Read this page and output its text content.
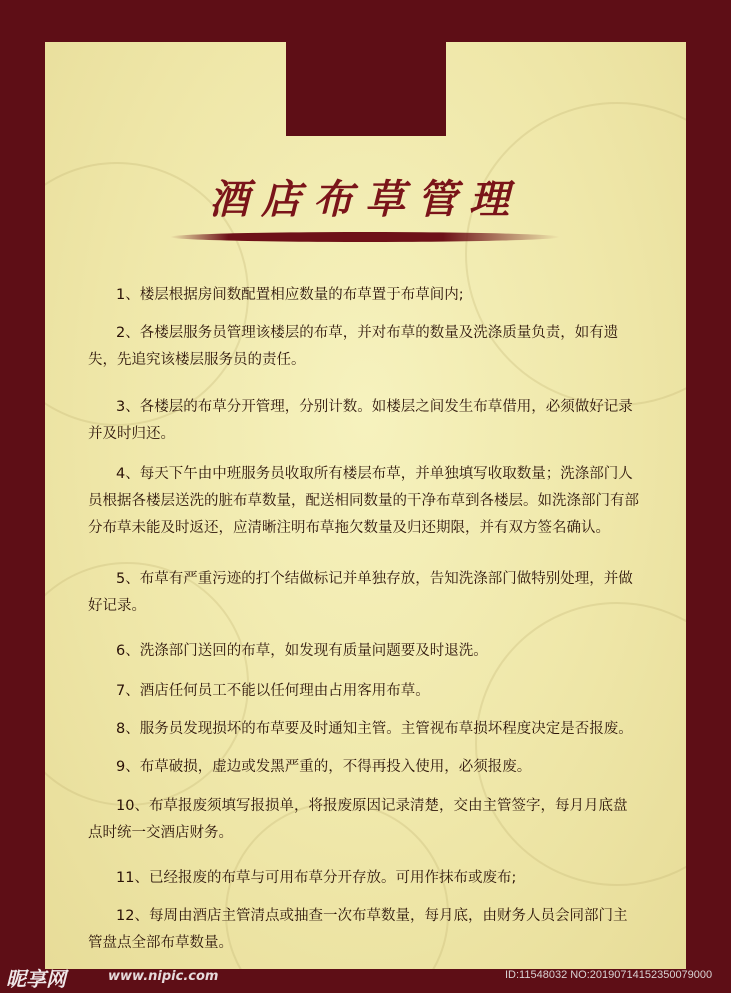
酒店布草管理
1、楼层根据房间数配置相应数量的布草置于布草间内;
2、各楼层服务员管理该楼层的布草，并对布草的数量及洗涤质量负责，如有遗
失，先追究该楼层服务员的责任。
3、各楼层的布草分开管理，分别计数。如楼层之间发生布草借用，必须做好记录
并及时归还。
4、每天下午由中班服务员收取所有楼层布草，并单独填写收取数量；洗涤部门人
员根据各楼层送洗的脏布草数量，配送相同数量的干净布草到各楼层。如洗涤部门有部
分布草未能及时返还，应清晰注明布草拖欠数量及归还期限，并有双方签名确认。
5、布草有严重污迹的打个结做标记并单独存放，告知洗涤部门做特别处理，并做
好记录。
6、洗涤部门送回的布草，如发现有质量问题要及时退洗。
7、酒店任何员工不能以任何理由占用客用布草。
8、服务员发现损坏的布草要及时通知主管。主管视布草损坏程度决定是否报废。
9、布草破损，虚边或发黑严重的，不得再投入使用，必须报废。
10、布草报废须填写报损单，将报废原因记录清楚，交由主管签字，每月月底盘
点时统一交酒店财务。
11、已经报废的布草与可用布草分开存放。可用作抹布或废布;
12、每周由酒店主管清点或抽查一次布草数量，每月底，由财务人员会同部门主
管盘点全部布草数量。
昵享网	www.nipic.com	ID:11548032 NO:20190714152350079000
